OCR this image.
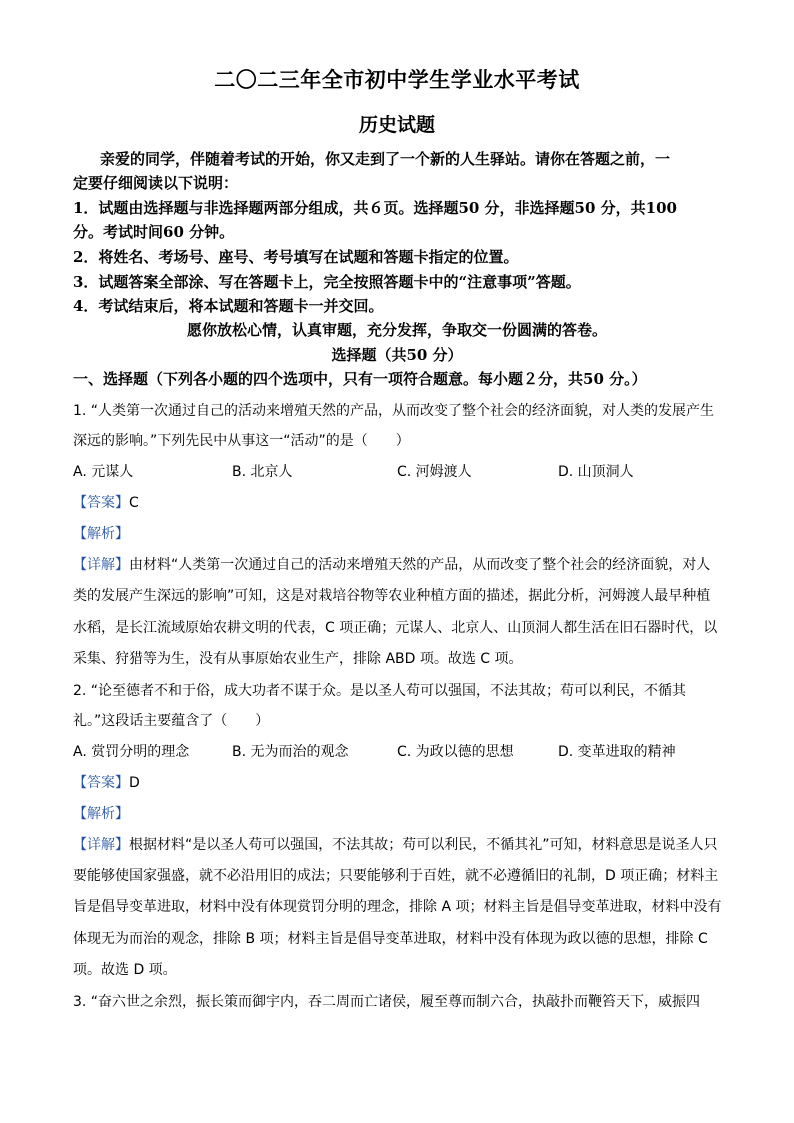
二〇二三年全市初中学生学业水平考试
历史试题
亲爱的同学，伴随着考试的开始，你又走到了一个新的人生驿站。请你在答题之前，一
定要仔细阅读以下说明：
1．试题由选择题与非选择题两部分组成，共６页。选择题50 分，非选择题50 分，共100
分。考试时间60 分钟。
2．将姓名、考场号、座号、考号填写在试题和答题卡指定的位置。
3．试题答案全部涂、写在答题卡上，完全按照答题卡中的“注意事项”答题。
4．考试结束后，将本试题和答题卡一并交回。
愿你放松心情，认真审题，充分发挥，争取交一份圆满的答卷。
选择题（共50 分）
一、选择题（下列各小题的四个选项中，只有一项符合题意。每小题２分，共50 分。）
1. “人类第一次通过自己的活动来增殖天然的产品，从而改变了整个社会的经济面貌，对人类的发展产生
深远的影响。”下列先民中从事这一“活动”的是（　　）
A. 元谋人	B. 北京人	C. 河姆渡人	D. 山顶洞人
【答案】C
【解析】
【详解】由材料“人类第一次通过自己的活动来增殖天然的产品，从而改变了整个社会的经济面貌，对人
类的发展产生深远的影响”可知，这是对栽培谷物等农业种植方面的描述，据此分析，河姆渡人最早种植
水稻，是长江流域原始农耕文明的代表，C 项正确；元谋人、北京人、山顶洞人都生活在旧石器时代，以
采集、狩猎等为生，没有从事原始农业生产，排除 ABD 项。故选 C 项。
2. “论至德者不和于俗，成大功者不谋于众。是以圣人苟可以强国，不法其故；苟可以利民，不循其
礼。”这段话主要蕴含了（　　）
A. 赏罚分明的理念	B. 无为而治的观念	C. 为政以德的思想	D. 变革进取的精神
【答案】D
【解析】
【详解】根据材料“是以圣人苟可以强国，不法其故；苟可以利民，不循其礼”可知，材料意思是说圣人只
要能够使国家强盛，就不必沿用旧的成法；只要能够利于百姓，就不必遵循旧的礼制，D 项正确；材料主
旨是倡导变革进取，材料中没有体现赏罚分明的理念，排除 A 项；材料主旨是倡导变革进取，材料中没有
体现无为而治的观念，排除 B 项；材料主旨是倡导变革进取，材料中没有体现为政以德的思想，排除 C
项。故选 D 项。
3. “奋六世之余烈，振长策而御宇内，吞二周而亡诸侯，履至尊而制六合，执敲扑而鞭笞天下，威振四
